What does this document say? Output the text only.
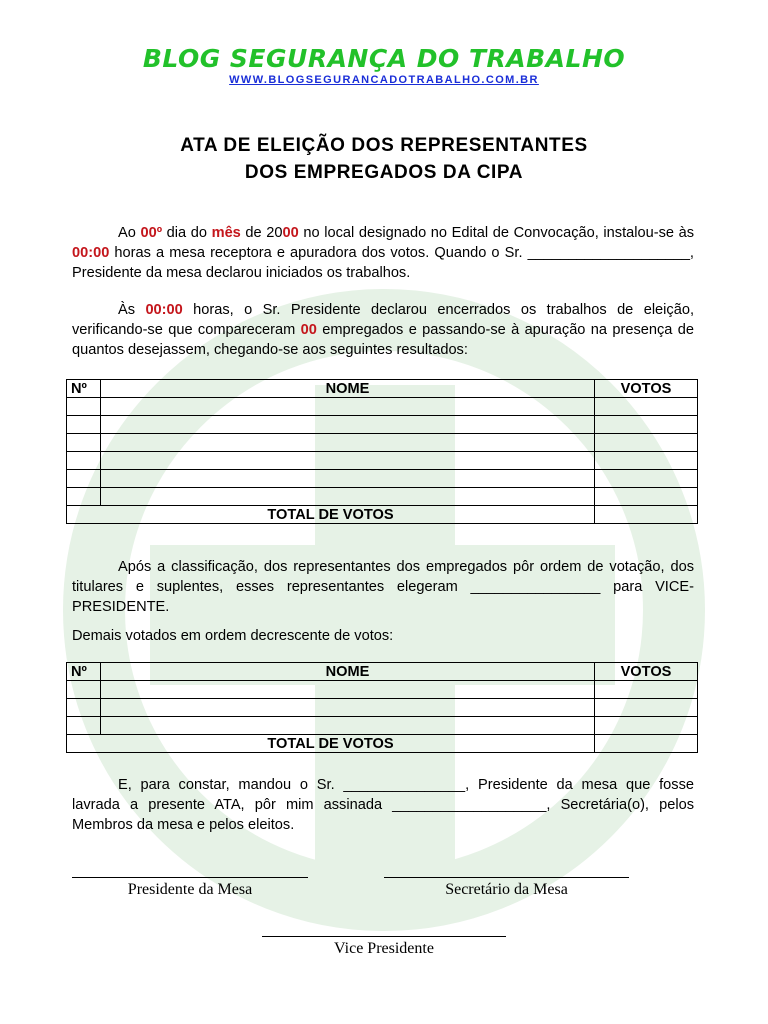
BLOG SEGURANÇA DO TRABALHO
WWW.BLOGSEGURANCADOTRABALHO.COM.BR
ATA DE ELEIÇÃO DOS REPRESENTANTES
DOS EMPREGADOS DA CIPA
Ao 00º dia do mês de 2000 no local designado no Edital de Convocação, instalou-se às 00:00 horas a mesa receptora e apuradora dos votos. Quando o Sr. ____________________, Presidente da mesa declarou iniciados os trabalhos.
Às 00:00 horas, o Sr. Presidente declarou encerrados os trabalhos de eleição, verificando-se que compareceram 00 empregados e passando-se à apuração na presença de quantos desejassem, chegando-se aos seguintes resultados:
Nº	NOME	VOTOS

TOTAL DE VOTOS		
Após a classificação, dos representantes dos empregados pôr ordem de votação, dos titulares e suplentes, esses representantes elegeram ________________ para VICE-PRESIDENTE.
Demais votados em ordem decrescente de votos:
Nº	NOME	VOTOS

TOTAL DE VOTOS		
E, para constar, mandou o Sr. _______________, Presidente da mesa que fosse lavrada a presente ATA, pôr mim assinada ___________________, Secretária(o), pelos Membros da mesa e pelos eleitos.
Presidente da Mesa	Secretário da Mesa
Vice Presidente
